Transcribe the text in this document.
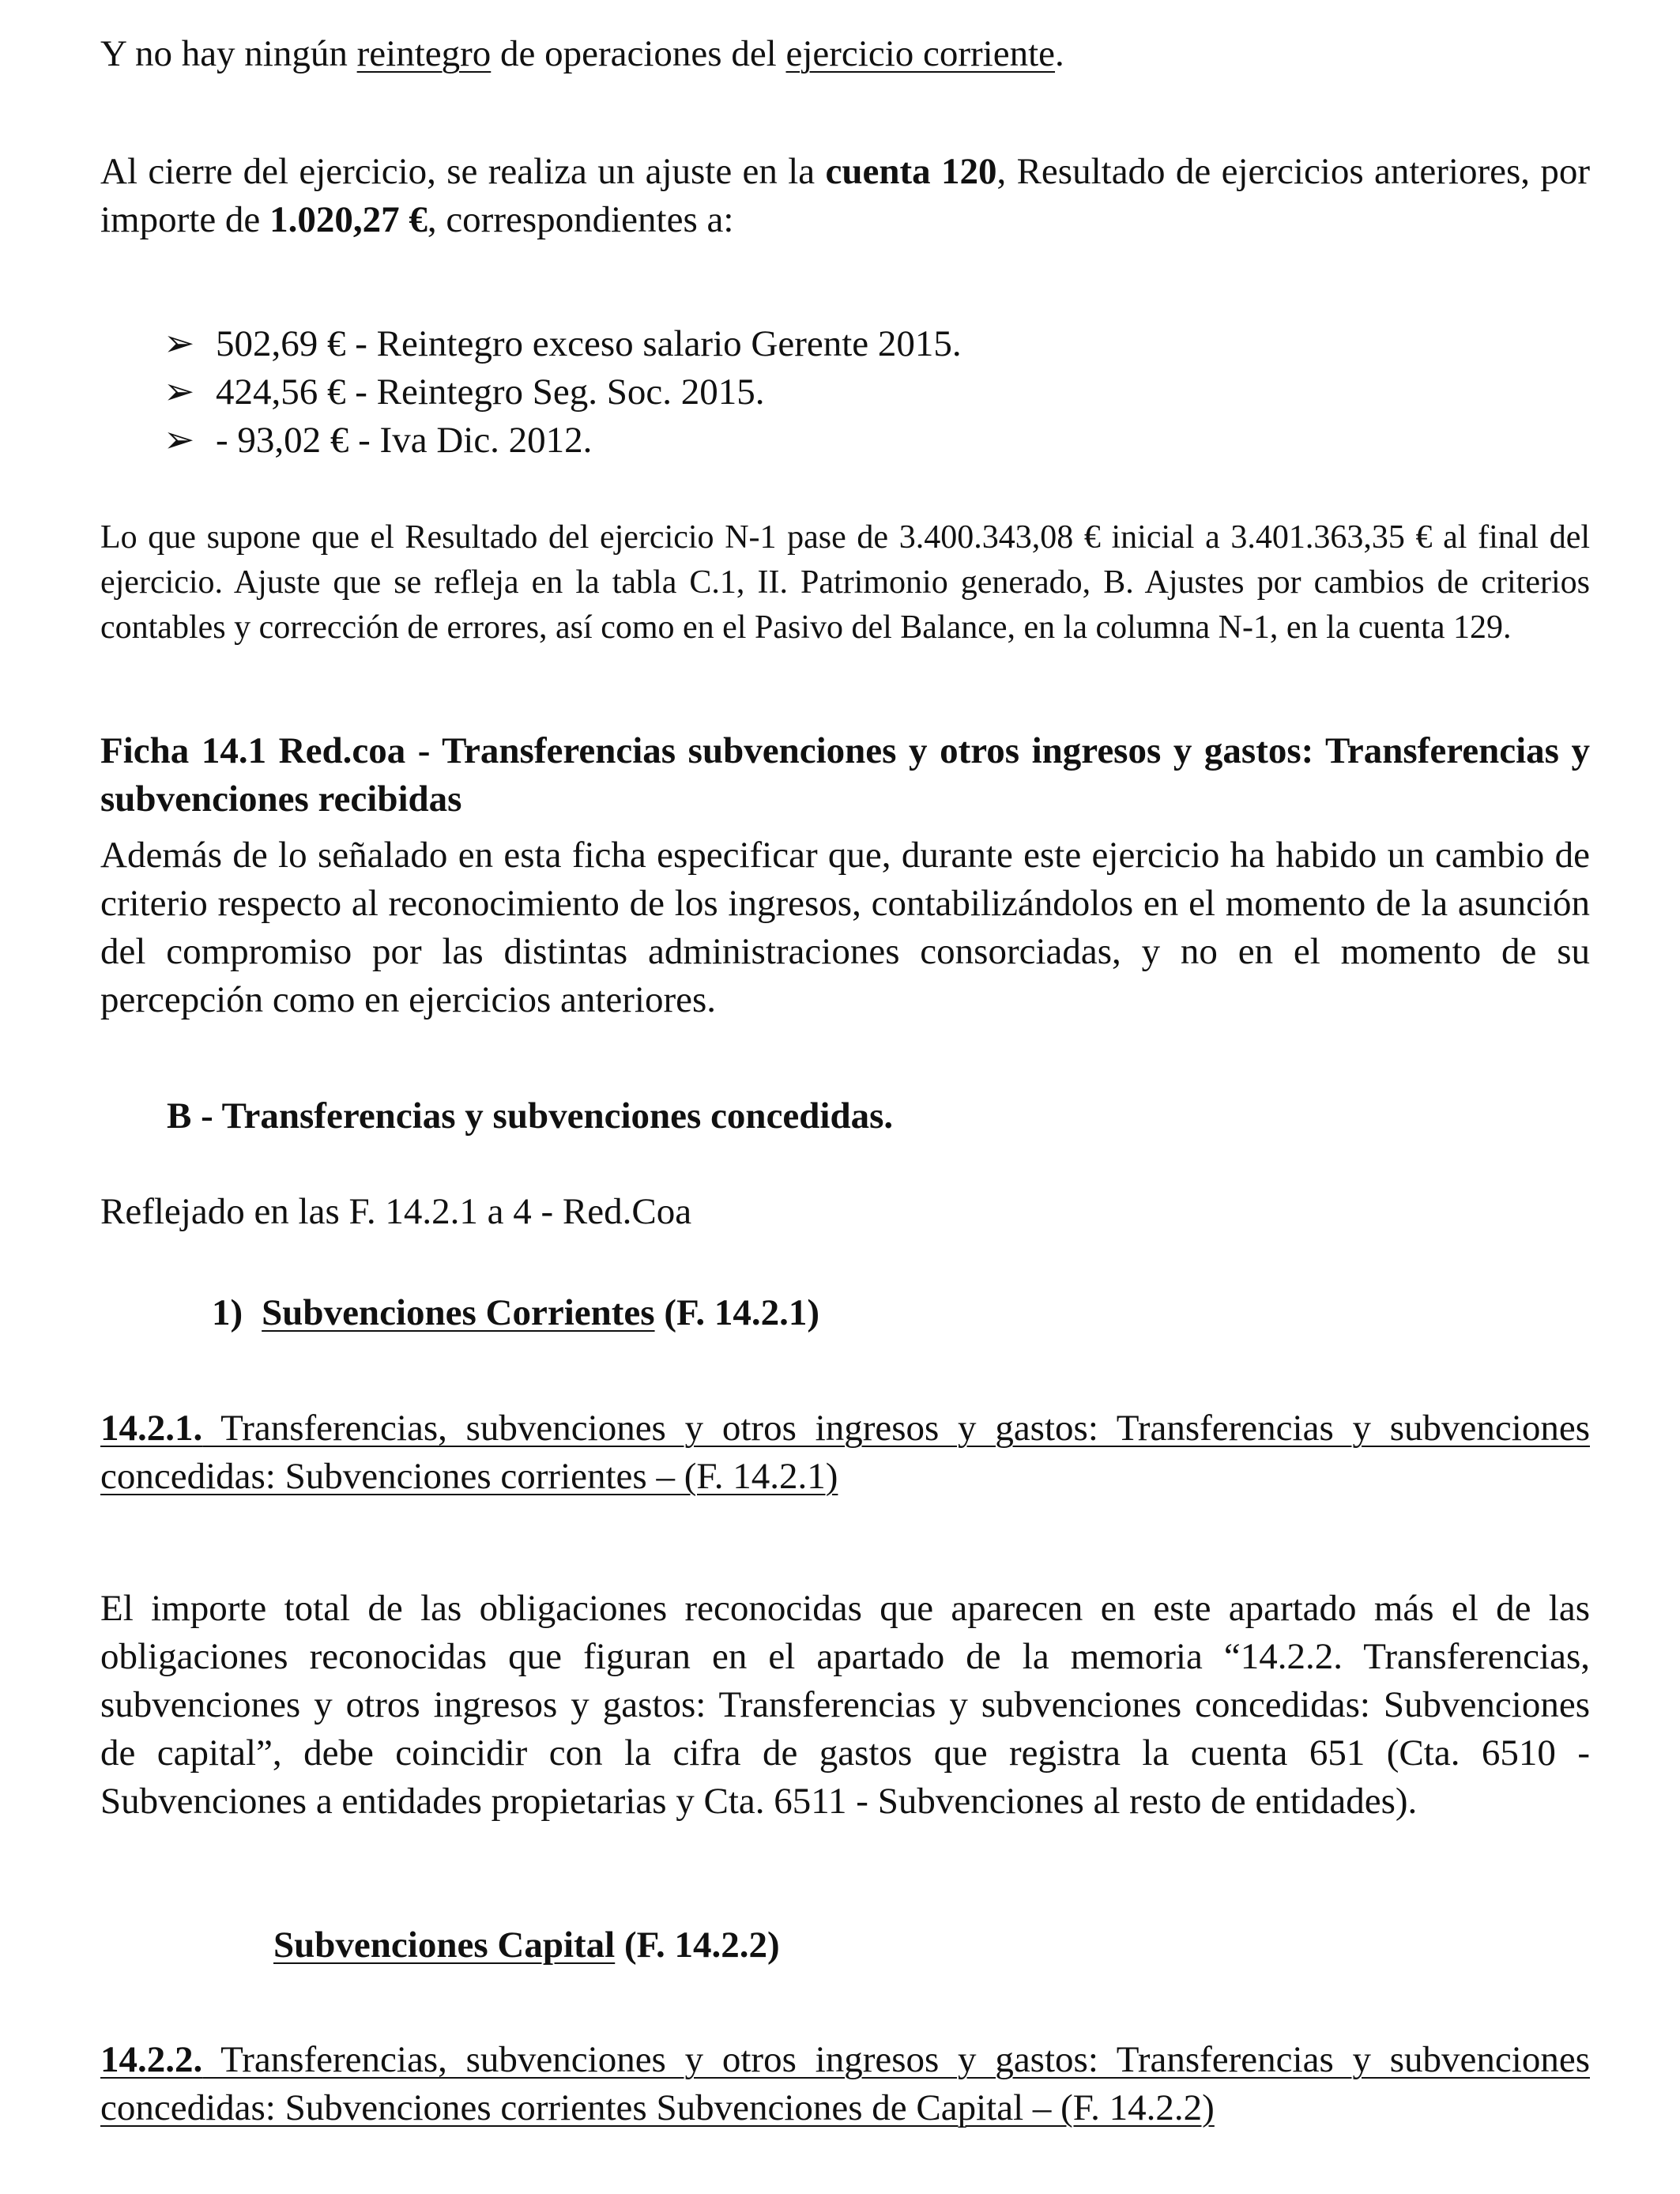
Y no hay ningún reintegro de operaciones del ejercicio corriente.

Al cierre del ejercicio, se realiza un ajuste en la cuenta 120, Resultado de ejercicios anteriores, por importe de 1.020,27 €, correspondientes a:

➢ 502,69 € - Reintegro exceso salario Gerente 2015.
➢ 424,56 € - Reintegro Seg. Soc. 2015.
➢ - 93,02 € - Iva Dic. 2012.

Lo que supone que el Resultado del ejercicio N-1 pase de 3.400.343,08 € inicial a 3.401.363,35 € al final del ejercicio. Ajuste que se refleja en la tabla C.1, II. Patrimonio generado, B. Ajustes por cambios de criterios contables y corrección de errores, así como en el Pasivo del Balance, en la columna N-1, en la cuenta 129.

Ficha 14.1 Red.coa - Transferencias subvenciones y otros ingresos y gastos: Transferencias y subvenciones recibidas

Además de lo señalado en esta ficha especificar que, durante este ejercicio ha habido un cambio de criterio respecto al reconocimiento de los ingresos, contabilizándolos en el momento de la asunción del compromiso por las distintas administraciones consorciadas, y no en el momento de su percepción como en ejercicios anteriores.

B - Transferencias y subvenciones concedidas.

Reflejado en las F. 14.2.1 a 4 - Red.Coa

1) Subvenciones Corrientes (F. 14.2.1)

14.2.1. Transferencias, subvenciones y otros ingresos y gastos: Transferencias y subvenciones concedidas: Subvenciones corrientes – (F. 14.2.1)

El importe total de las obligaciones reconocidas que aparecen en este apartado más el de las obligaciones reconocidas que figuran en el apartado de la memoria “14.2.2. Transferencias, subvenciones y otros ingresos y gastos: Transferencias y subvenciones concedidas: Subvenciones de capital”, debe coincidir con la cifra de gastos que registra la cuenta 651 (Cta. 6510 - Subvenciones a entidades propietarias y Cta. 6511 - Subvenciones al resto de entidades).

Subvenciones Capital (F. 14.2.2)

14.2.2. Transferencias, subvenciones y otros ingresos y gastos: Transferencias y subvenciones concedidas: Subvenciones corrientes Subvenciones de Capital – (F. 14.2.2)
